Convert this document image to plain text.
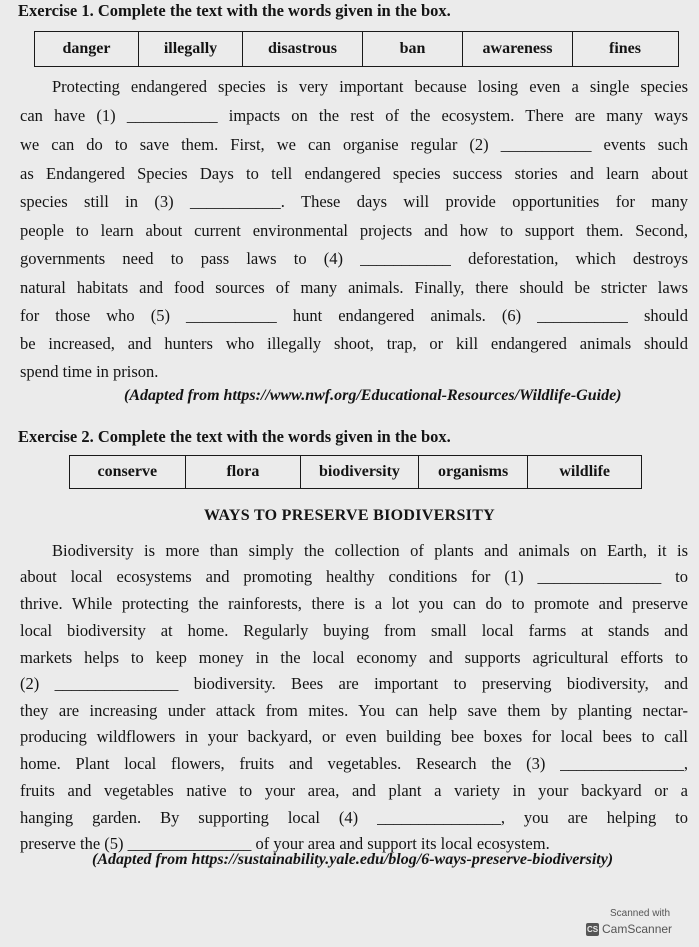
Exercise 1. Complete the text with the words given in the box.
danger	illegally	disastrous	ban	awareness	fines
Protecting endangered species is very important because losing even a single species
can have (1) ___________ impacts on the rest of the ecosystem. There are many ways
we can do to save them. First, we can organise regular (2) ___________ events such
as Endangered Species Days to tell endangered species success stories and learn about
species still in (3) ___________. These days will provide opportunities for many
people to learn about current environmental projects and how to support them. Second,
governments need to pass laws to (4) ___________ deforestation, which destroys
natural habitats and food sources of many animals. Finally, there should be stricter laws
for those who (5) ___________ hunt endangered animals. (6) ___________ should
be increased, and hunters who illegally shoot, trap, or kill endangered animals should
spend time in prison.
(Adapted from https://www.nwf.org/Educational-Resources/Wildlife-Guide)
Exercise 2. Complete the text with the words given in the box.
conserve	flora	biodiversity	organisms	wildlife
WAYS TO PRESERVE BIODIVERSITY
Biodiversity is more than simply the collection of plants and animals on Earth, it is
about local ecosystems and promoting healthy conditions for (1) _______________ to
thrive. While protecting the rainforests, there is a lot you can do to promote and preserve
local biodiversity at home. Regularly buying from small local farms at stands and
markets helps to keep money in the local economy and supports agricultural efforts to
(2) _______________ biodiversity. Bees are important to preserving biodiversity, and
they are increasing under attack from mites. You can help save them by planting nectar-
producing wildflowers in your backyard, or even building bee boxes for local bees to call
home. Plant local flowers, fruits and vegetables. Research the (3) _______________,
fruits and vegetables native to your area, and plant a variety in your backyard or a
hanging garden. By supporting local (4) _______________, you are helping to
preserve the (5) _______________ of your area and support its local ecosystem.
(Adapted from https://sustainability.yale.edu/blog/6-ways-preserve-biodiversity)
Scanned with
CS CamScanner
